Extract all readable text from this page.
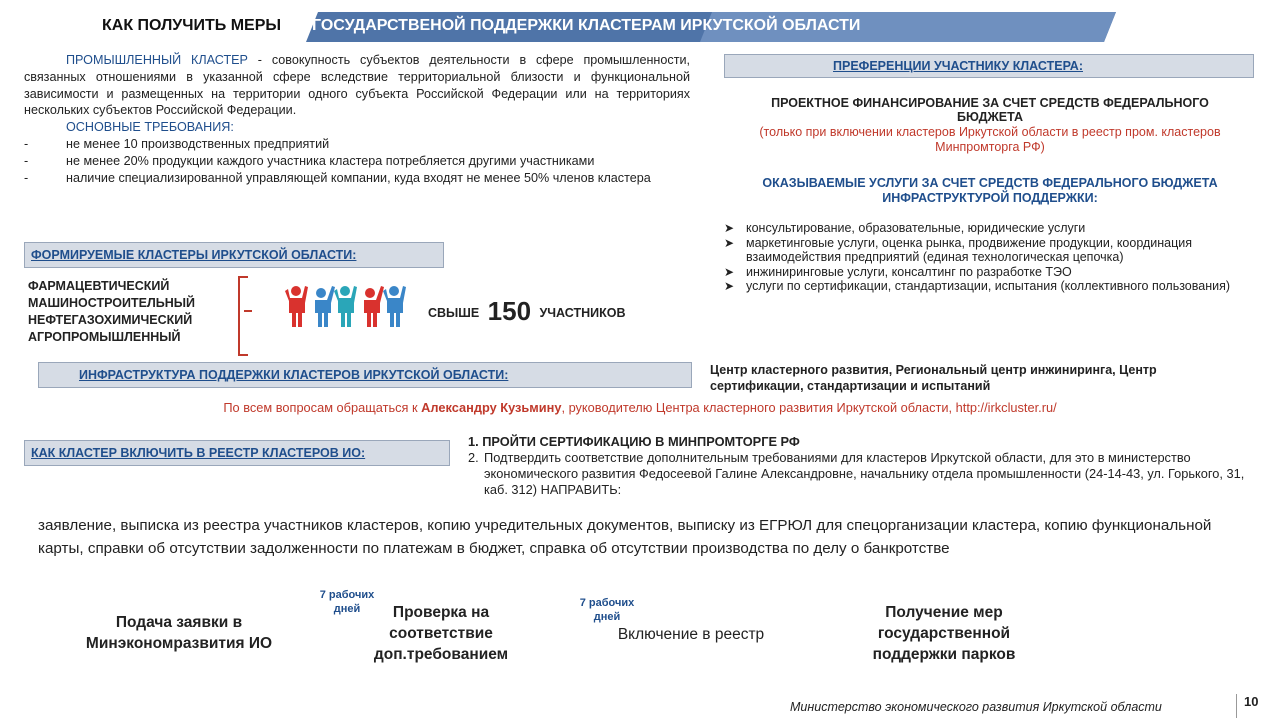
КАК ПОЛУЧИТЬ МЕРЫ ГОСУДАРСТВЕНОЙ ПОДДЕРЖКИ КЛАСТЕРАМ ИРКУТСКОЙ ОБЛАСТИ
ПРОМЫШЛЕННЫЙ КЛАСТЕР - совокупность субъектов деятельности в сфере промышленности, связанных отношениями в указанной сфере вследствие территориальной близости и функциональной зависимости и размещенных на территории одного субъекта Российской Федерации или на территориях нескольких субъектов Российской Федерации.
ОСНОВНЫЕ ТРЕБОВАНИЯ:
-	не менее 10 производственных предприятий
-	не менее 20% продукции каждого участника кластера потребляется другими участниками
-	наличие специализированной управляющей компании, куда входят не менее 50% членов кластера
ФОРМИРУЕМЫЕ КЛАСТЕРЫ ИРКУТСКОЙ ОБЛАСТИ:
ФАРМАЦЕВТИЧЕСКИЙ
МАШИНОСТРОИТЕЛЬНЫЙ
НЕФТЕГАЗОХИМИЧЕСКИЙ
АГРОПРОМЫШЛЕННЫЙ
СВЫШЕ 150 УЧАСТНИКОВ
ПРЕФЕРЕНЦИИ УЧАСТНИКУ КЛАСТЕРА:
ПРОЕКТНОЕ ФИНАНСИРОВАНИЕ ЗА СЧЕТ СРЕДСТВ ФЕДЕРАЛЬНОГО БЮДЖЕТА
(только при включении кластеров Иркутской области в реестр пром. кластеров Минпромторга РФ)
ОКАЗЫВАЕМЫЕ УСЛУГИ ЗА СЧЕТ СРЕДСТВ ФЕДЕРАЛЬНОГО БЮДЖЕТА ИНФРАСТРУКТУРОЙ ПОДДЕРЖКИ:
➤ консультирование, образовательные, юридические услуги
➤ маркетинговые услуги, оценка рынка, продвижение продукции, координация взаимодействия предприятий (единая технологическая цепочка)
➤ инжиниринговые услуги, консалтинг по разработке ТЭО
➤ услуги по сертификации, стандартизации, испытания (коллективного пользования)
ИНФРАСТРУКТУРА ПОДДЕРЖКИ КЛАСТЕРОВ ИРКУТСКОЙ ОБЛАСТИ:	Центр кластерного развития, Региональный центр инжиниринга, Центр сертификации, стандартизации и испытаний
По всем вопросам обращаться к Александру Кузьмину, руководителю Центра кластерного развития Иркутской области, http://irkcluster.ru/
КАК КЛАСТЕР ВКЛЮЧИТЬ В РЕЕСТР КЛАСТЕРОВ ИО:
1. ПРОЙТИ СЕРТИФИКАЦИЮ В МИНПРОМТОРГЕ РФ
2. Подтвердить соответствие дополнительным требованиями для кластеров Иркутской области, для это в министерство экономического развития Федосеевой Галине Александровне, начальнику отдела промышленности (24-14-43, ул. Горького, 31, каб. 312) НАПРАВИТЬ:
заявление, выписка из реестра участников кластеров, копию учредительных документов, выписку из ЕГРЮЛ для спецорганизации кластера, копию функциональной карты, справки об отсутствии задолженности по платежам в бюджет, справка об отсутствии производства по делу о банкротстве
Подача заявки в Минэкономразвития ИО
7 рабочих дней	Проверка на соответствие доп.требованием
7 рабочих дней
Включение в реестр
Получение мер государственной поддержки парков
Министерство экономического развития Иркутской области	10
